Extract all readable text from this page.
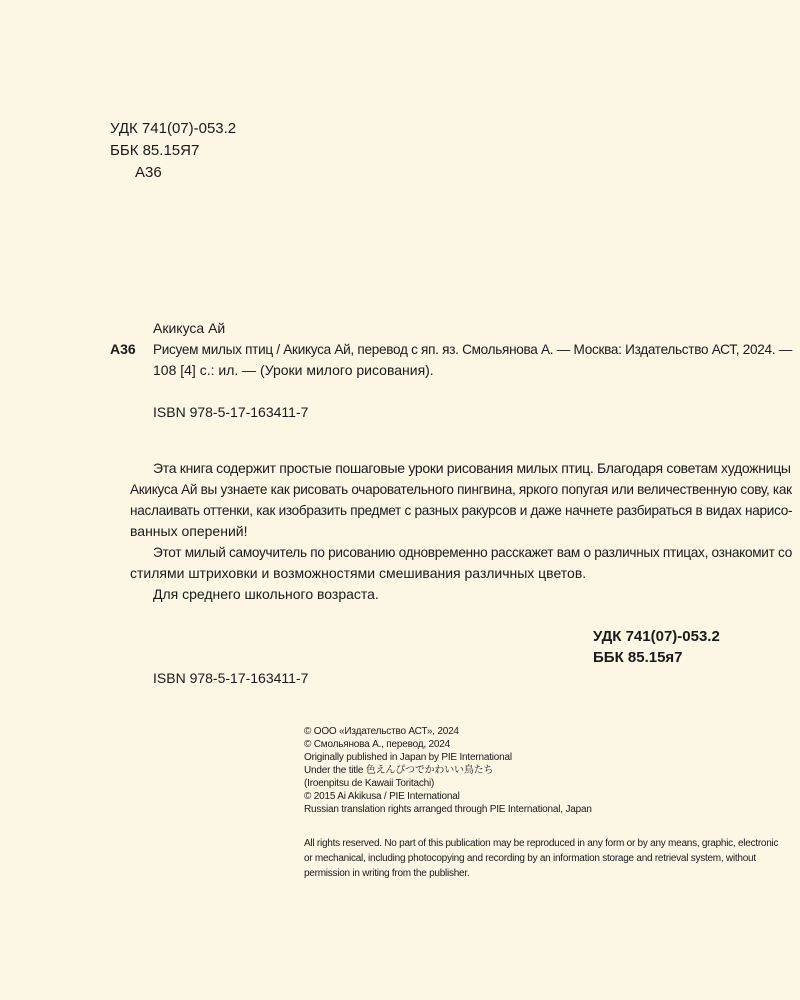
УДК 741(07)-053.2
ББК 85.15Я7
А36
Акикуса Ай
А36 Рисуем милых птиц / Акикуса Ай, перевод с яп. яз. Смольянова А. — Москва: Издательство АСТ, 2024. —
108 [4] с.: ил. — (Уроки милого рисования).
ISBN 978-5-17-163411-7
Эта книга содержит простые пошаговые уроки рисования милых птиц. Благодаря советам художницы
Акикуса Ай вы узнаете как рисовать очаровательного пингвина, яркого попугая или величественную сову, как
наслаивать оттенки, как изобразить предмет с разных ракурсов и даже начнете разбираться в видах нарисо-
ванных оперений!
Этот милый самоучитель по рисованию одновременно расскажет вам о различных птицах, ознакомит со
стилями штриховки и возможностями смешивания различных цветов.
Для среднего школьного возраста.
УДК 741(07)-053.2
ББК 85.15я7
ISBN 978-5-17-163411-7
© ООО «Издательство АСТ», 2024
© Смольянова А., перевод, 2024
Originally published in Japan by PIE International
Under the title 色えんぴつでかわいい鳥たち
(Iroenpitsu de Kawaii Toritachi)
© 2015 Ai Akikusa / PIE International
Russian translation rights arranged through PIE International, Japan
All rights reserved. No part of this publication may be reproduced in any form or by any means, graphic, electronic
or mechanical, including photocopying and recording by an information storage and retrieval system, without
permission in writing from the publisher.
